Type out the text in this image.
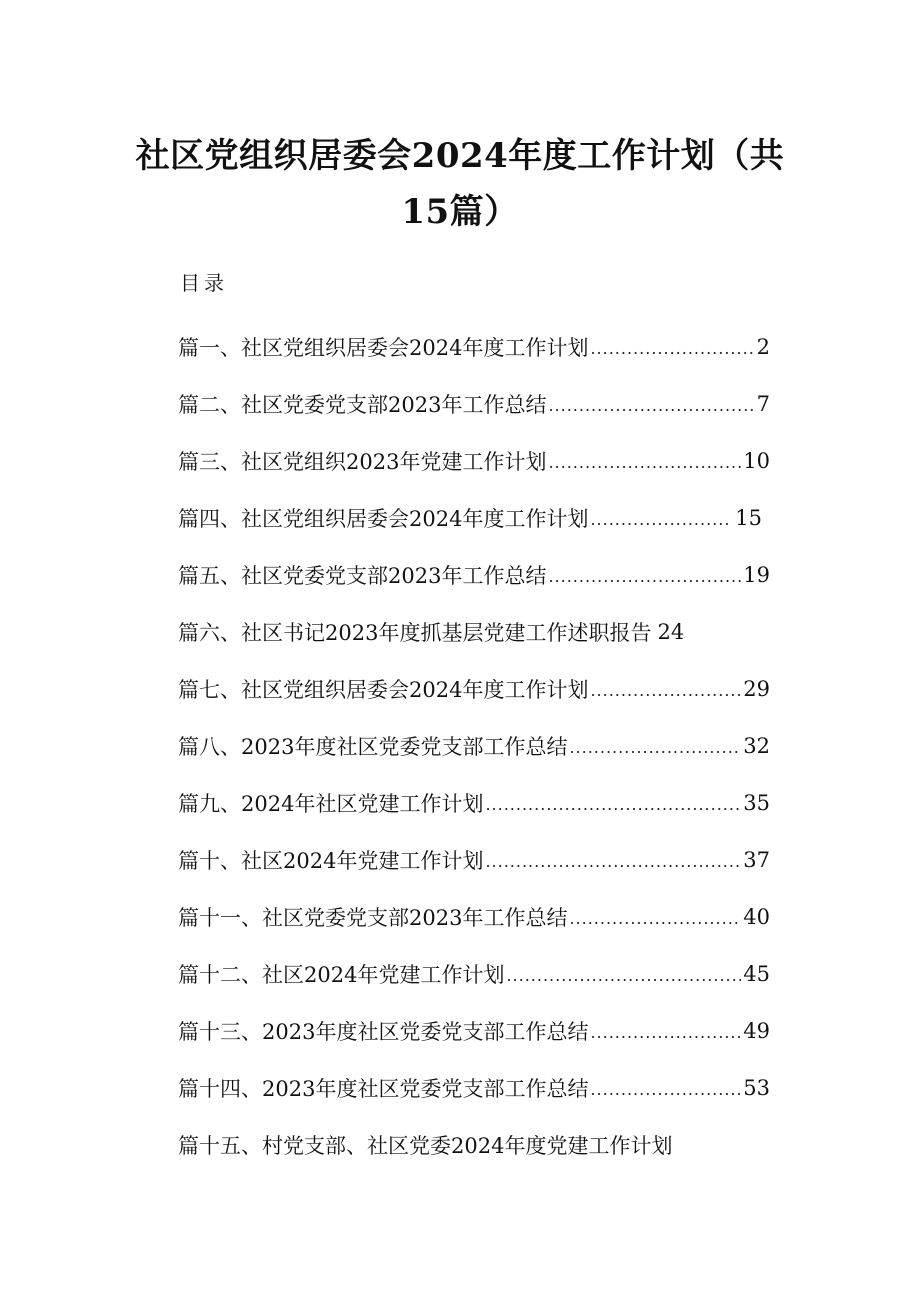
社区党组织居委会2024年度工作计划（共15篇）
目录
篇一、社区党组织居委会2024年度工作计划 .....	2
篇二、社区党委党支部2023年工作总结 .....	7
篇三、社区党组织2023年党建工作计划 .....	10
篇四、社区党组织居委会2024年度工作计划 .....	15
篇五、社区党委党支部2023年工作总结 .....	19
篇六、社区书记2023年度抓基层党建工作述职报告 24
篇七、社区党组织居委会2024年度工作计划 .....	29
篇八、2023年度社区党委党支部工作总结 .....	32
篇九、2024年社区党建工作计划 .....	35
篇十、社区2024年党建工作计划 .....	37
篇十一、社区党委党支部2023年工作总结 .....	40
篇十二、社区2024年党建工作计划 .....	45
篇十三、2023年度社区党委党支部工作总结 .....	49
篇十四、2023年度社区党委党支部工作总结 .....	53
篇十五、村党支部、社区党委2024年度党建工作计划
